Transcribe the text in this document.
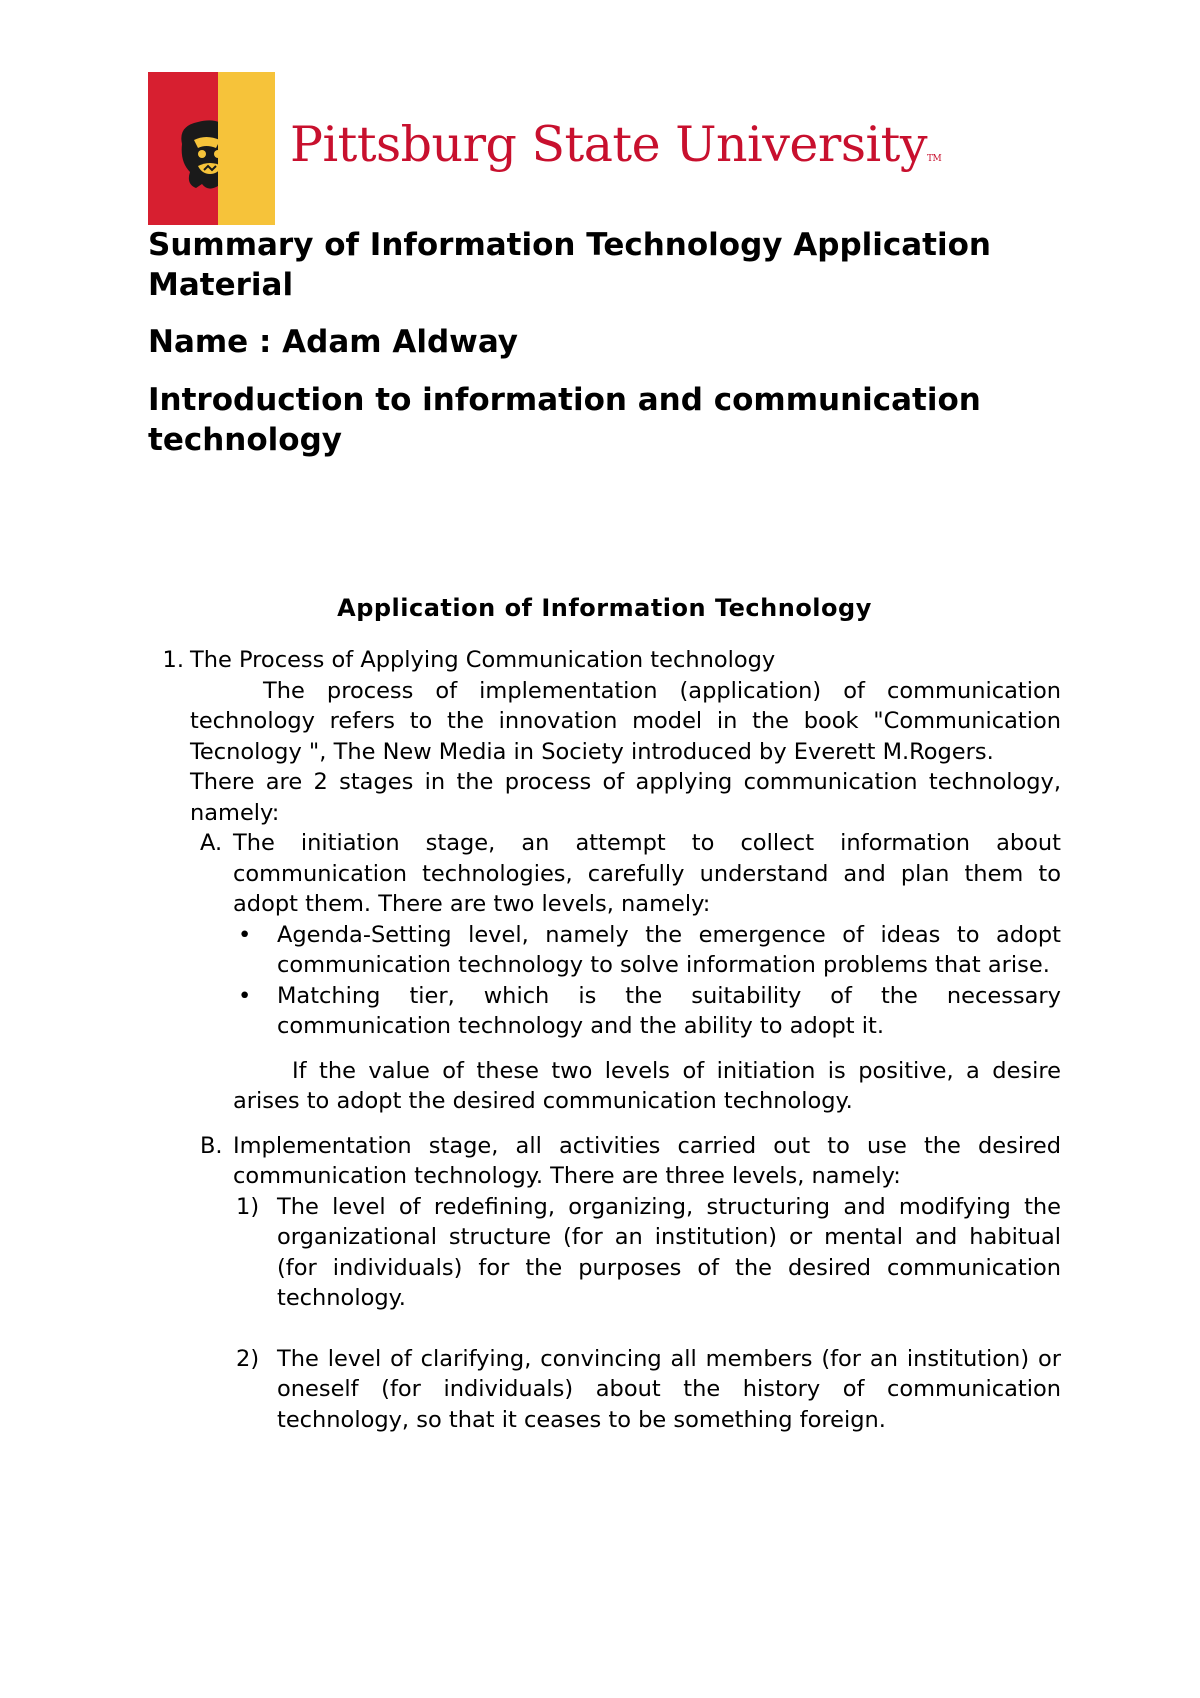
Pittsburg State UniversityTM
Summary of Information Technology Application Material
Name : Adam Aldway
Introduction to information and communication technology
Application of Information Technology
1. The Process of Applying Communication technology
The process of implementation (application) of communication technology refers to the innovation model in the book "Communication Tecnology ", The New Media in Society introduced by Everett M.Rogers.
There are 2 stages in the process of applying communication technology, namely:
A. The initiation stage, an attempt to collect information about communication technologies, carefully understand and plan them to adopt them. There are two levels, namely:
• Agenda-Setting level, namely the emergence of ideas to adopt communication technology to solve information problems that arise.
• Matching tier, which is the suitability of the necessary communication technology and the ability to adopt it.
If the value of these two levels of initiation is positive, a desire arises to adopt the desired communication technology.
B. Implementation stage, all activities carried out to use the desired communication technology. There are three levels, namely:
1) The level of redefining, organizing, structuring and modifying the organizational structure (for an institution) or mental and habitual (for individuals) for the purposes of the desired communication technology.
2) The level of clarifying, convincing all members (for an institution) or oneself (for individuals) about the history of communication technology, so that it ceases to be something foreign.
